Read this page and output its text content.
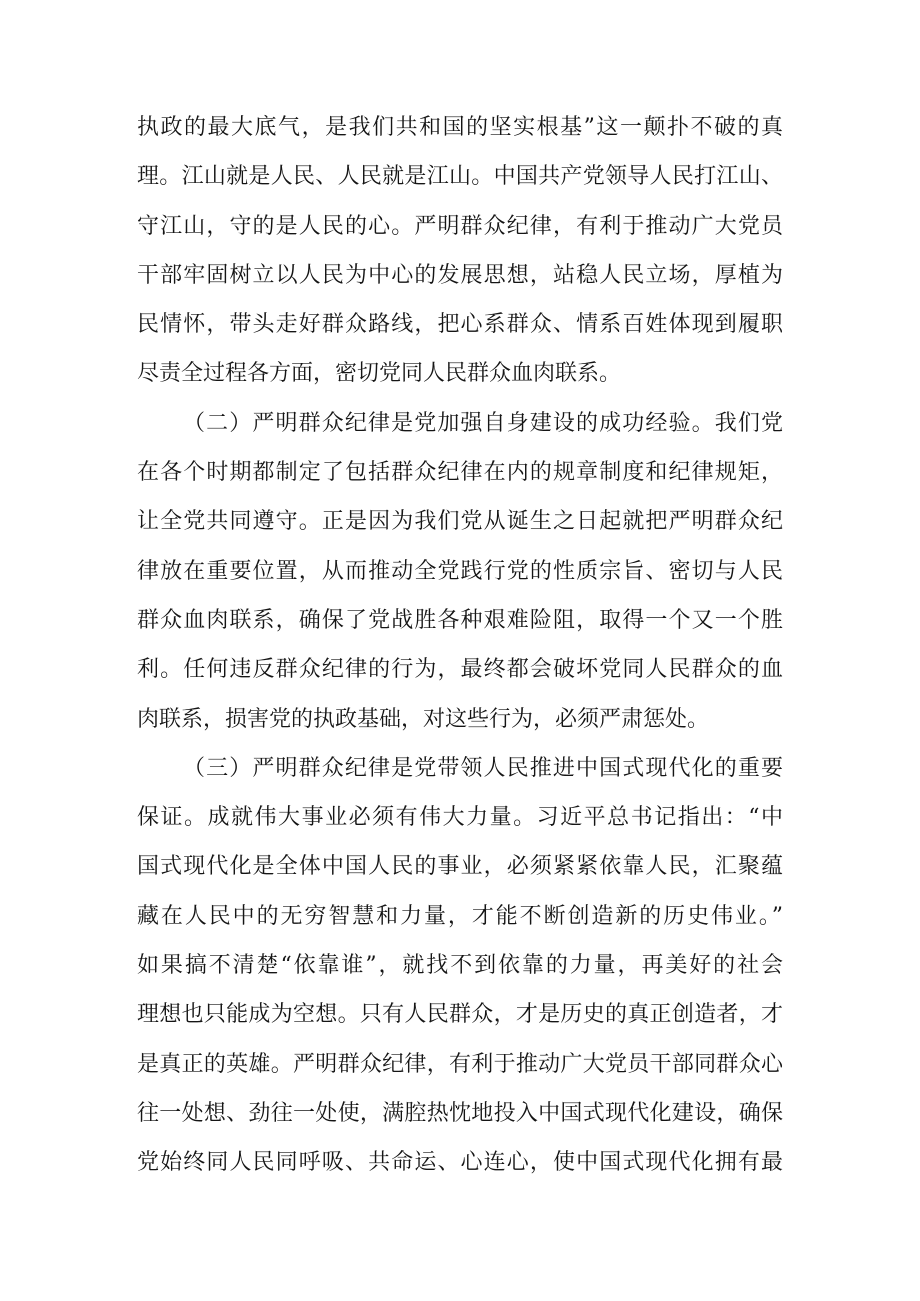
执政的最大底气，是我们共和国的坚实根基”这一颠扑不破的真
理。江山就是人民、人民就是江山。中国共产党领导人民打江山、
守江山，守的是人民的心。严明群众纪律，有利于推动广大党员
干部牢固树立以人民为中心的发展思想，站稳人民立场，厚植为
民情怀，带头走好群众路线，把心系群众、情系百姓体现到履职
尽责全过程各方面，密切党同人民群众血肉联系。
（二）严明群众纪律是党加强自身建设的成功经验。我们党
在各个时期都制定了包括群众纪律在内的规章制度和纪律规矩，
让全党共同遵守。正是因为我们党从诞生之日起就把严明群众纪
律放在重要位置，从而推动全党践行党的性质宗旨、密切与人民
群众血肉联系，确保了党战胜各种艰难险阻，取得一个又一个胜
利。任何违反群众纪律的行为，最终都会破坏党同人民群众的血
肉联系，损害党的执政基础，对这些行为，必须严肃惩处。
（三）严明群众纪律是党带领人民推进中国式现代化的重要
保证。成就伟大事业必须有伟大力量。习近平总书记指出：“中
国式现代化是全体中国人民的事业，必须紧紧依靠人民，汇聚蕴
藏在人民中的无穷智慧和力量，才能不断创造新的历史伟业。”
如果搞不清楚“依靠谁”，就找不到依靠的力量，再美好的社会
理想也只能成为空想。只有人民群众，才是历史的真正创造者，才
是真正的英雄。严明群众纪律，有利于推动广大党员干部同群众心
往一处想、劲往一处使，满腔热忱地投入中国式现代化建设，确保
党始终同人民同呼吸、共命运、心连心，使中国式现代化拥有最
